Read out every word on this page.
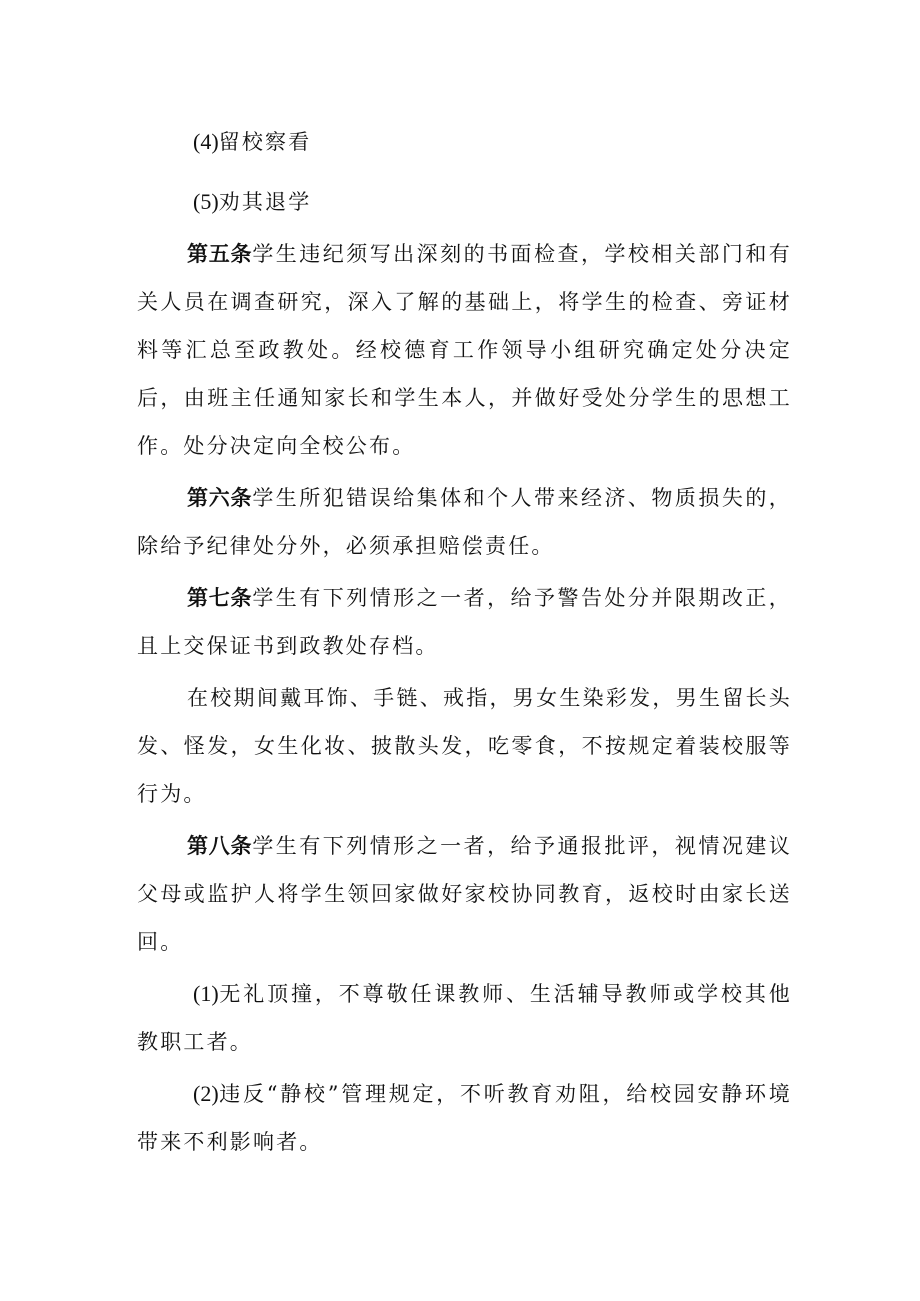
(4)留校察看

(5)劝其退学

第五条学生违纪须写出深刻的书面检查，学校相关部门和有关人员在调查研究，深入了解的基础上，将学生的检查、旁证材料等汇总至政教处。经校德育工作领导小组研究确定处分决定后，由班主任通知家长和学生本人，并做好受处分学生的思想工作。处分决定向全校公布。

第六条学生所犯错误给集体和个人带来经济、物质损失的，除给予纪律处分外，必须承担赔偿责任。

第七条学生有下列情形之一者，给予警告处分并限期改正，且上交保证书到政教处存档。

在校期间戴耳饰、手链、戒指，男女生染彩发，男生留长头发、怪发，女生化妆、披散头发，吃零食，不按规定着装校服等行为。

第八条学生有下列情形之一者，给予通报批评，视情况建议父母或监护人将学生领回家做好家校协同教育，返校时由家长送回。

(1)无礼顶撞，不尊敬任课教师、生活辅导教师或学校其他教职工者。

(2)违反“静校”管理规定，不听教育劝阻，给校园安静环境带来不利影响者。
